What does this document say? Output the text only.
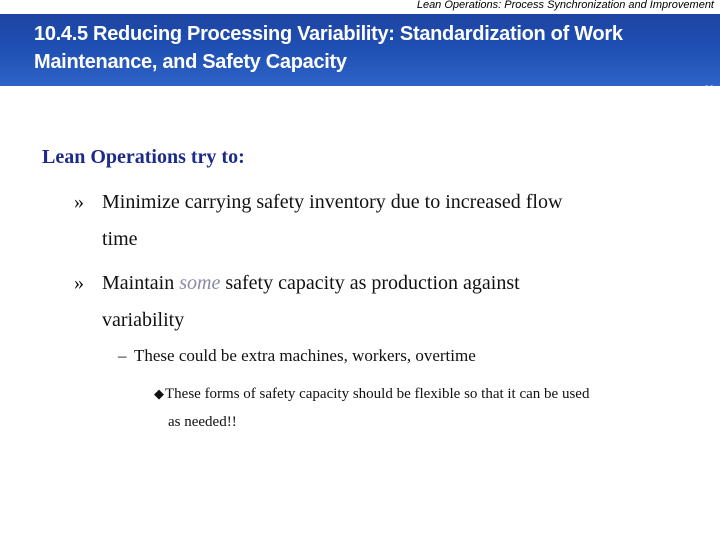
Lean Operations: Process Synchronization and Improvement
10.4.5 Reducing Processing Variability: Standardization of Work
Maintenance, and Safety Capacity
28
Lean Operations try to:
» Minimize carrying safety inventory due to increased flow
time
» Maintain some safety capacity as production against
variability
– These could be extra machines, workers, overtime
◆These forms of safety capacity should be flexible so that it can be used
as needed!!
